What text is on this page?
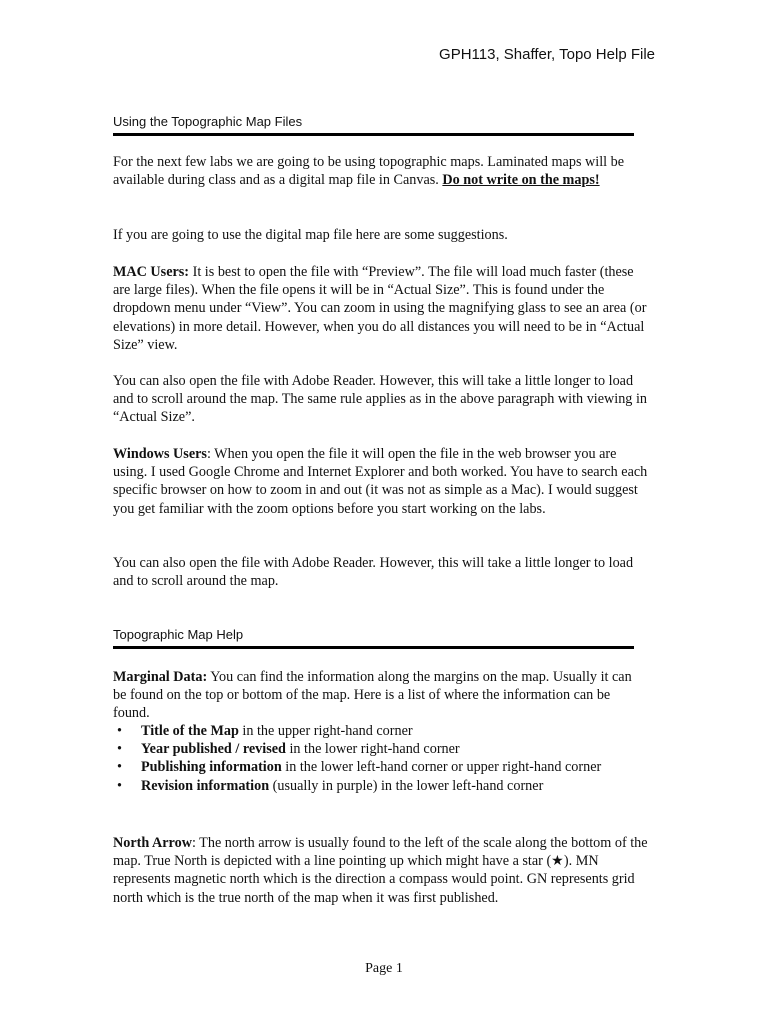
GPH113, Shaffer, Topo Help File
Using the Topographic Map Files
For the next few labs we are going to be using topographic maps. Laminated maps will be available during class and as a digital map file in Canvas. Do not write on the maps!
If you are going to use the digital map file here are some suggestions.
MAC Users: It is best to open the file with “Preview”. The file will load much faster (these are large files). When the file opens it will be in “Actual Size”. This is found under the dropdown menu under “View”. You can zoom in using the magnifying glass to see an area (or elevations) in more detail. However, when you do all distances you will need to be in “Actual Size” view.
You can also open the file with Adobe Reader. However, this will take a little longer to load and to scroll around the map. The same rule applies as in the above paragraph with viewing in “Actual Size”.
Windows Users: When you open the file it will open the file in the web browser you are using. I used Google Chrome and Internet Explorer and both worked. You have to search each specific browser on how to zoom in and out (it was not as simple as a Mac). I would suggest you get familiar with the zoom options before you start working on the labs.
You can also open the file with Adobe Reader. However, this will take a little longer to load and to scroll around the map.
Topographic Map Help
Marginal Data: You can find the information along the margins on the map. Usually it can be found on the top or bottom of the map. Here is a list of where the information can be found.
• Title of the Map in the upper right-hand corner
• Year published / revised in the lower right-hand corner
• Publishing information in the lower left-hand corner or upper right-hand corner
• Revision information (usually in purple) in the lower left-hand corner
North Arrow: The north arrow is usually found to the left of the scale along the bottom of the map. True North is depicted with a line pointing up which might have a star (★). MN represents magnetic north which is the direction a compass would point. GN represents grid north which is the true north of the map when it was first published.
Page 1
